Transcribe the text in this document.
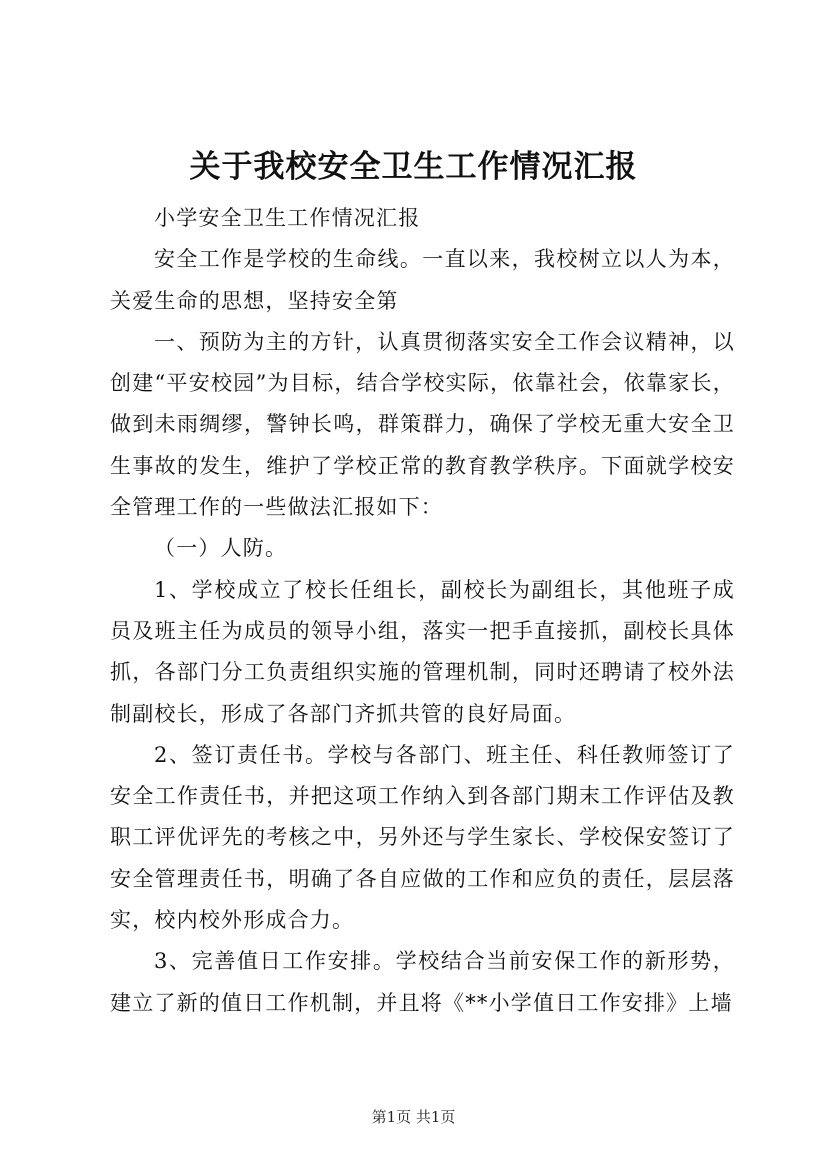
关于我校安全卫生工作情况汇报

小学安全卫生工作情况汇报

安全工作是学校的生命线。一直以来，我校树立以人为本，关爱生命的思想，坚持安全第

一、预防为主的方针，认真贯彻落实安全工作会议精神，以创建“平安校园”为目标，结合学校实际，依靠社会，依靠家长，做到未雨绸缪，警钟长鸣，群策群力，确保了学校无重大安全卫生事故的发生，维护了学校正常的教育教学秩序。下面就学校安全管理工作的一些做法汇报如下：

（一）人防。

1、学校成立了校长任组长，副校长为副组长，其他班子成员及班主任为成员的领导小组，落实一把手直接抓，副校长具体抓，各部门分工负责组织实施的管理机制，同时还聘请了校外法制副校长，形成了各部门齐抓共管的良好局面。

2、签订责任书。学校与各部门、班主任、科任教师签订了安全工作责任书，并把这项工作纳入到各部门期末工作评估及教职工评优评先的考核之中，另外还与学生家长、学校保安签订了安全管理责任书，明确了各自应做的工作和应负的责任，层层落实，校内校外形成合力。

3、完善值日工作安排。学校结合当前安保工作的新形势，建立了新的值日工作机制，并且将《**小学值日工作安排》上墙

第1页 共1页
